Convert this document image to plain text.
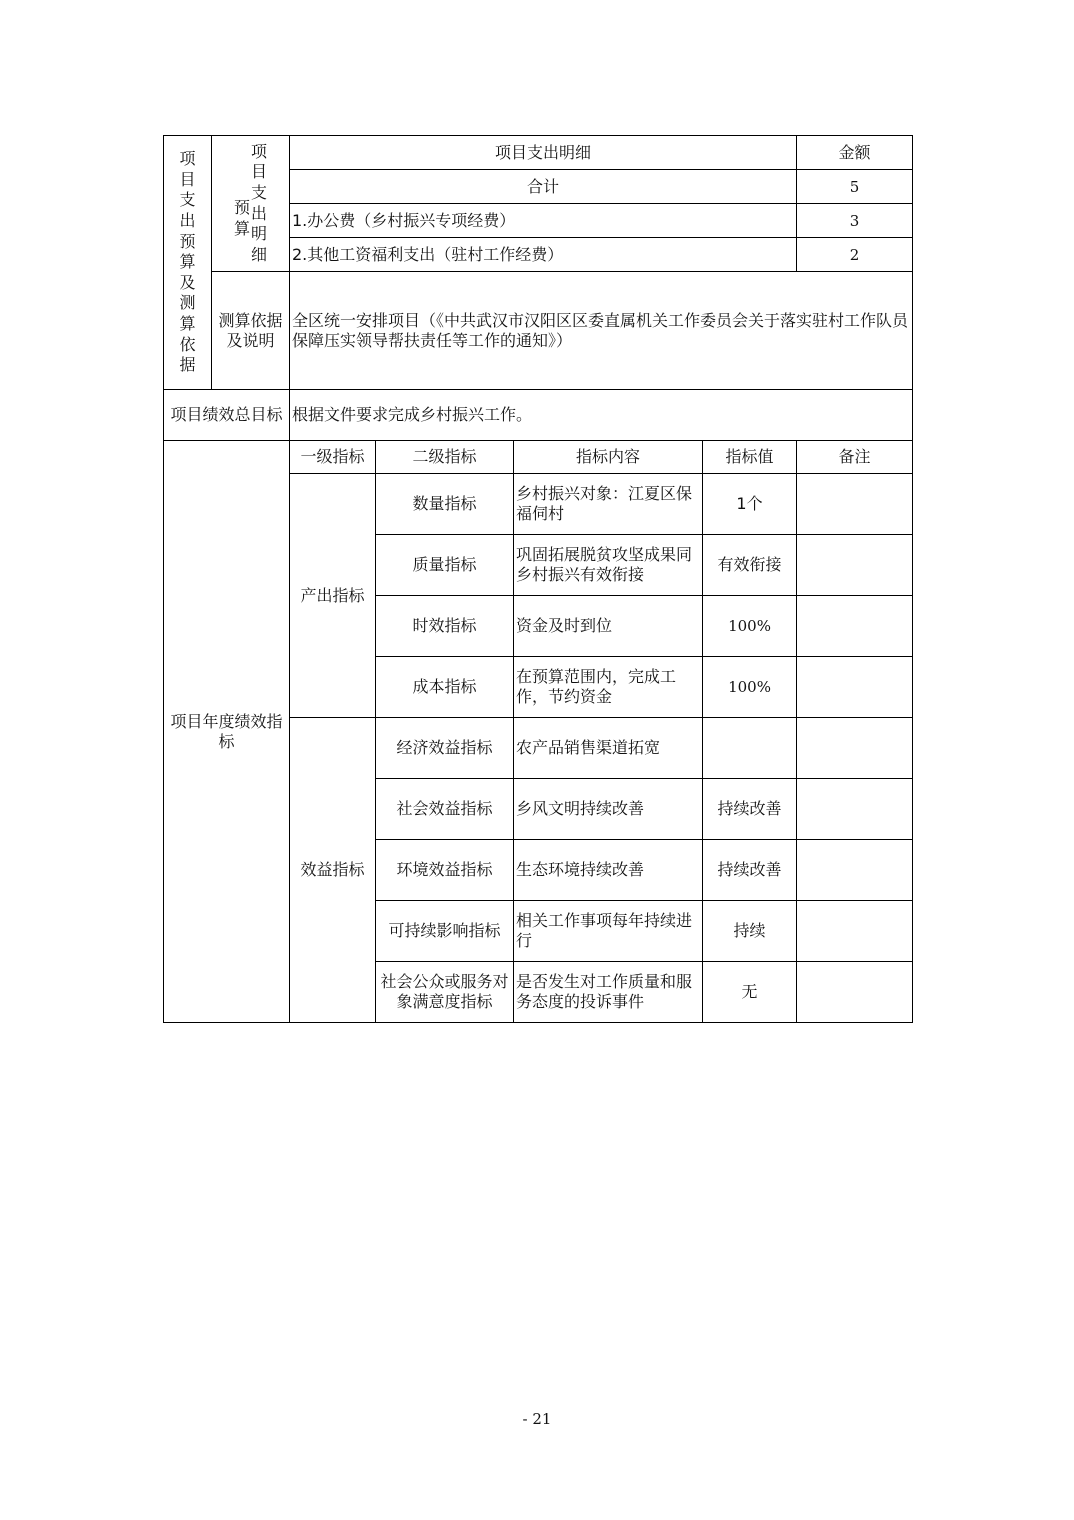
项目支出预算及测算依据	预算
项目支出明细	项目支出明细				金额
		合计				5
		1.办公费（乡村振兴专项经费）				3
		2.其他工资福利支出（驻村工作经费）				2
	测算依据及说明	全区统一安排项目（《中共武汉市汉阳区区委直属机关工作委员会关于落实驻村工作队员保障压实领导帮扶责任等工作的通知》）				
项目绩效总目标		根据文件要求完成乡村振兴工作。				
项目年度绩效指标		一级指标	二级指标	指标内容	指标值	备注
		产出指标	数量指标	乡村振兴对象：江夏区保福伺村	1个	
			质量指标	巩固拓展脱贫攻坚成果同乡村振兴有效衔接	有效衔接	
			时效指标	资金及时到位	100%	
			成本指标	在预算范围内，完成工作，节约资金	100%	
		效益指标	经济效益指标	农产品销售渠道拓宽		
			社会效益指标	乡风文明持续改善	持续改善	
			环境效益指标	生态环境持续改善	持续改善	
			可持续影响指标	相关工作事项每年持续进行	持续	
			社会公众或服务对象满意度指标	是否发生对工作质量和服务态度的投诉事件	无	
- 21
